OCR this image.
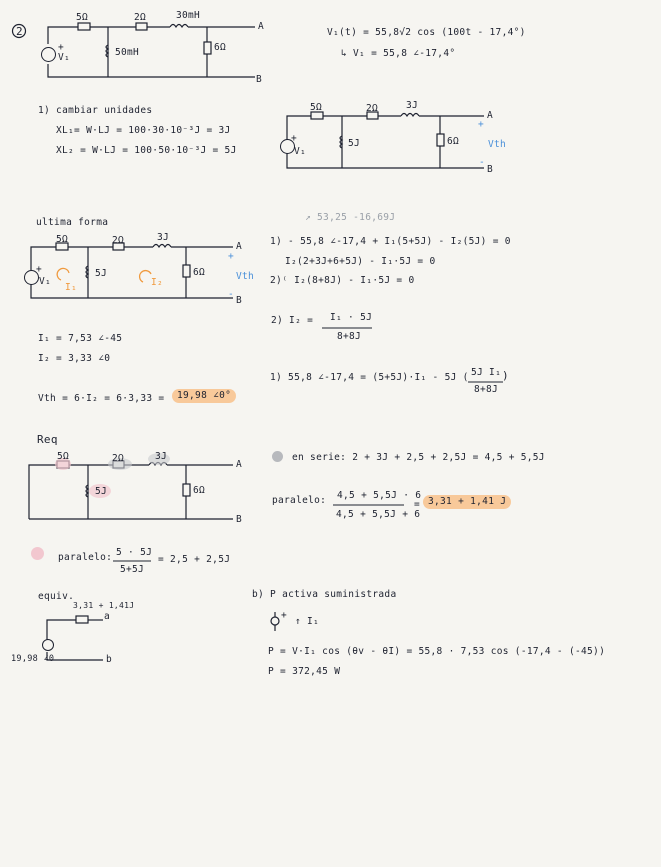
2
5Ω	2Ω	30mH
A
+
V₁	50mH	6Ω
B
V₁(t) = 55,8√2 cos (100t - 17,4°)
↳ V₁ = 55,8 ∠-17,4°
1) cambiar unidades
XL₁= W·LJ = 100·30·10⁻³J = 3J
XL₂ = W·LJ = 100·50·10⁻³J = 5J
5Ω	2Ω	3J
A
+
+
V₁
5J	6Ω	Vth
-
B
ultima forma
5Ω	2Ω	3J
A
+
+
V₁
I₁
5J
I₂
6Ω	Vth
-
B
↗ 53,25 -16,69J
1) - 55,8 ∠-17,4 + I₁(5+5J) - I₂(5J) = 0
I₂(2+3J+6+5J) - I₁·5J = 0
2)⁽ I₂(8+8J) - I₁·5J = 0
2) I₂ = I₁ · 5J
8+8J
1) 55,8 ∠-17,4 = (5+5J)·I₁ - 5J ( 5J I₁
8+8J
)
I₁ = 7,53 ∠-45
I₂ = 3,33 ∠0
Vth = 6·I₂ = 6·3,33 =	19,98 ∠0°
Req
5Ω	2Ω	3J
A
5J	6Ω
B
en serie: 2 + 3J + 2,5 + 2,5J = 4,5 + 5,5J
paralelo: 4,5 + 5,5J · 6
4,5 + 5,5J + 6
= 3,31 + 1,41 J
paralelo: 5 · 5J
5+5J
= 2,5 + 2,5J
equiv.
3,31 + 1,41J
a
19,98 ∠0	b
b) P activa suministrada
+
↑ I₁
P = V·I₁ cos (θv - θI) = 55,8 · 7,53 cos (-17,4 - (-45))
P = 372,45 W
